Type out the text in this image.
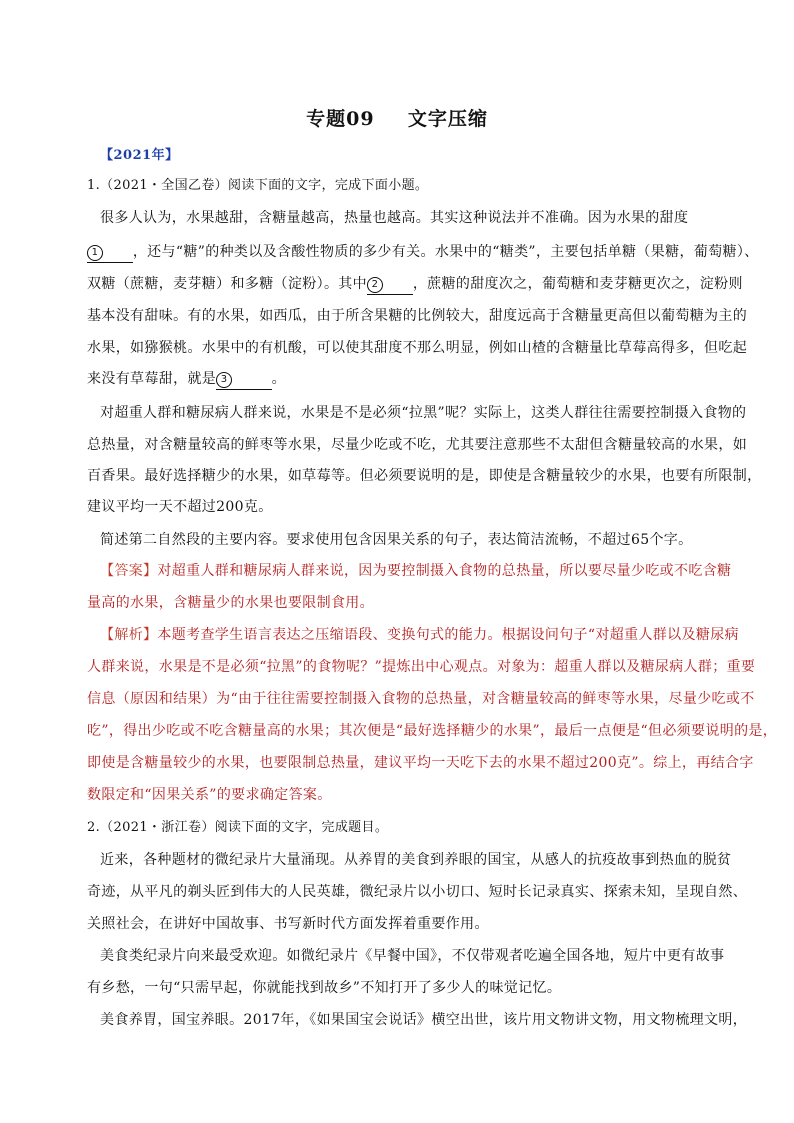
专题09 文字压缩
【2021年】
1.（2021・全国乙卷）阅读下面的文字，完成下面小题。
很多人认为，水果越甜，含糖量越高，热量也越高。其实这种说法并不准确。因为水果的甜度
1 ，还与“糖”的种类以及含酸性物质的多少有关。水果中的“糖类”，主要包括单糖（果糖，葡萄糖）、
双糖（蔗糖，麦芽糖）和多糖（淀粉）。其中 2 ，蔗糖的甜度次之，葡萄糖和麦芽糖更次之，淀粉则
基本没有甜味。有的水果，如西瓜，由于所含果糖的比例较大，甜度远高于含糖量更高但以葡萄糖为主的
水果，如猕猴桃。水果中的有机酸，可以使其甜度不那么明显，例如山楂的含糖量比草莓高得多，但吃起
来没有草莓甜，就是 3	。
对超重人群和糖尿病人群来说，水果是不是必须“拉黑”呢？实际上，这类人群往往需要控制摄入食物的
总热量，对含糖量较高的鲜枣等水果，尽量少吃或不吃，尤其要注意那些不太甜但含糖量较高的水果，如
百香果。最好选择糖少的水果，如草莓等。但必须要说明的是，即使是含糖量较少的水果，也要有所限制，
建议平均一天不超过200克。
简述第二自然段的主要内容。要求使用包含因果关系的句子，表达简洁流畅，不超过65个字。
【答案】对超重人群和糖尿病人群来说，因为要控制摄入食物的总热量，所以要尽量少吃或不吃含糖
量高的水果，含糖量少的水果也要限制食用。
【解析】本题考查学生语言表达之压缩语段、变换句式的能力。根据设问句子“对超重人群以及糖尿病
人群来说，水果是不是必须“拉黑”的食物呢？”提炼出中心观点。对象为：超重人群以及糖尿病人群；重要
信息（原因和结果）为“由于往往需要控制摄入食物的总热量，对含糖量较高的鲜枣等水果，尽量少吃或不
吃”，得出少吃或不吃含糖量高的水果；其次便是“最好选择糖少的水果”，最后一点便是“但必须要说明的是，
即使是含糖量较少的水果，也要限制总热量，建议平均一天吃下去的水果不超过200克”。综上，再结合字
数限定和“因果关系”的要求确定答案。
2.（2021・浙江卷）阅读下面的文字，完成题目。
近来，各种题材的微纪录片大量涌现。从养胃的美食到养眼的国宝，从感人的抗疫故事到热血的脱贫
奇迹，从平凡的剃头匠到伟大的人民英雄，微纪录片以小切口、短时长记录真实、探索未知，呈现自然、
关照社会，在讲好中国故事、书写新时代方面发挥着重要作用。
美食类纪录片向来最受欢迎。如微纪录片《早餐中国》，不仅带观者吃遍全国各地，短片中更有故事
有乡愁，一句“只需早起，你就能找到故乡”不知打开了多少人的味觉记忆。
美食养胃，国宝养眼。2017年，《如果国宝会说话》横空出世，该片用文物讲文物，用文物梳理文明，
